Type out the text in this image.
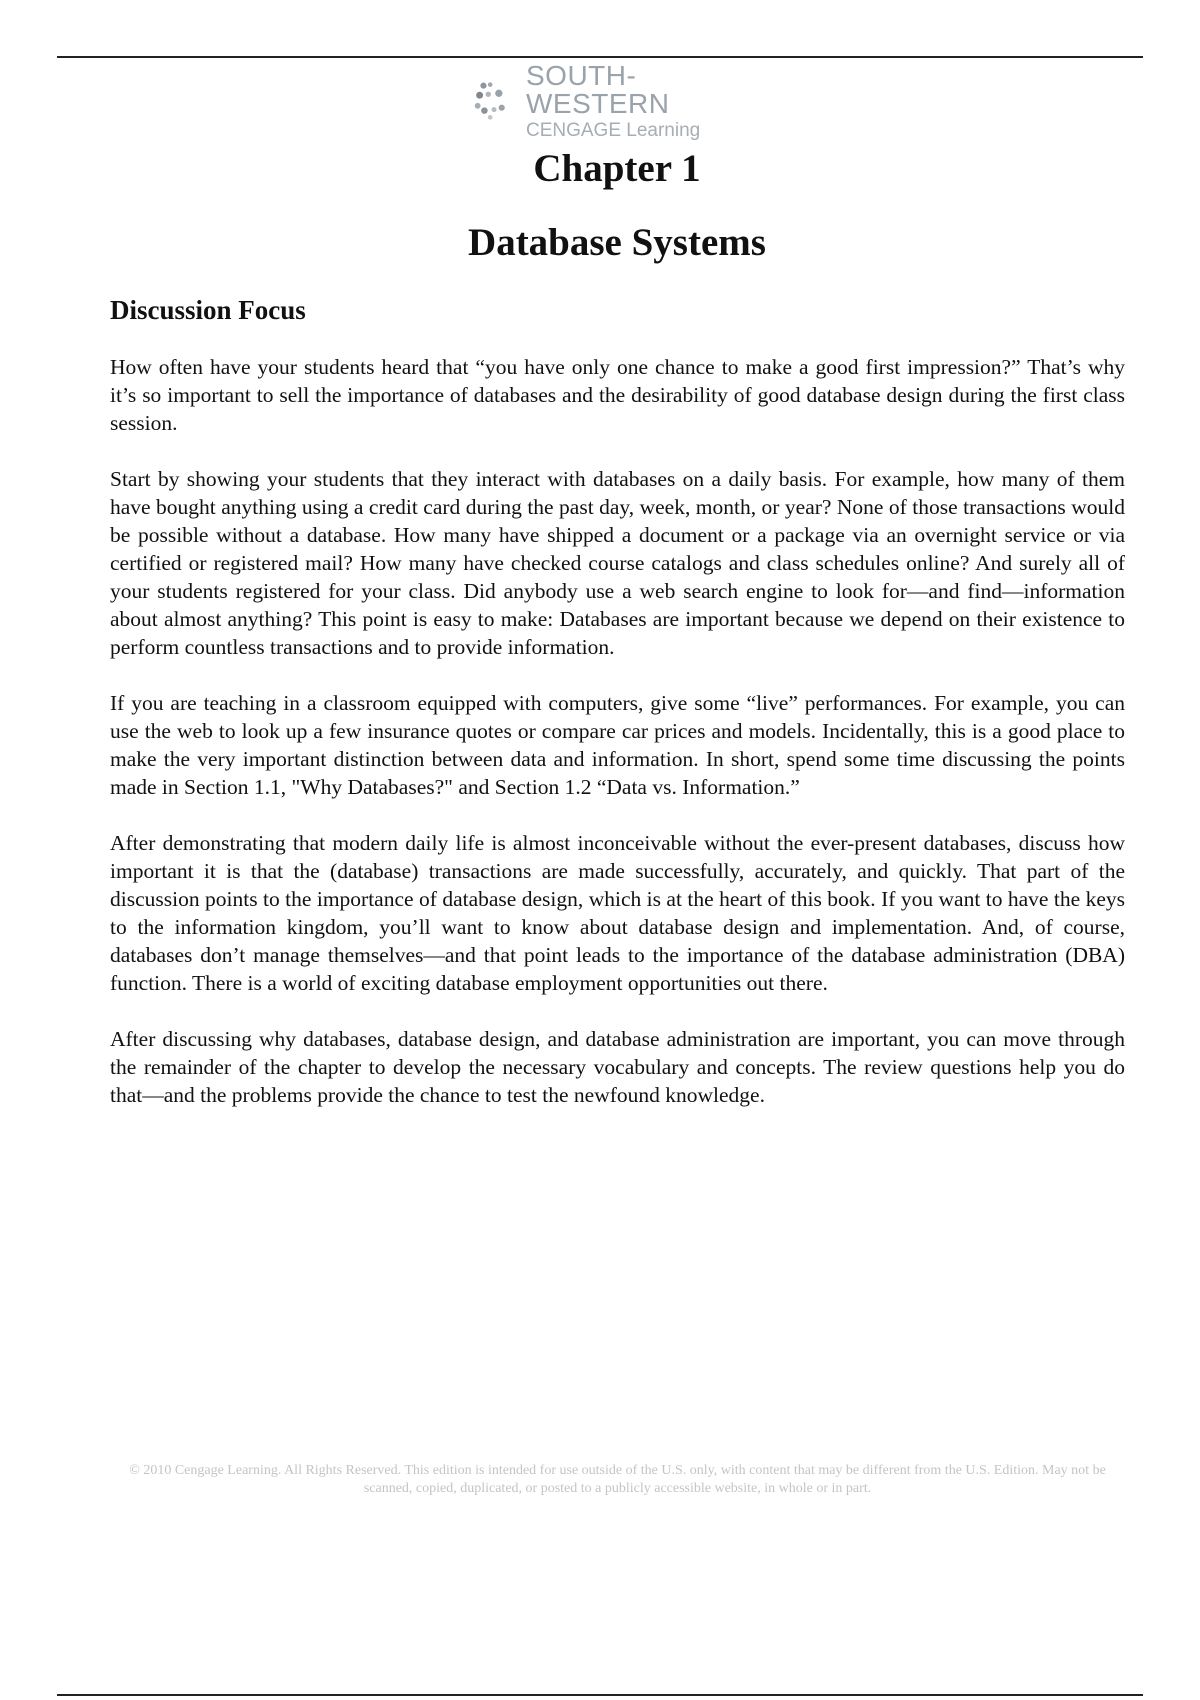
SOUTH-WESTERN
CENGAGE Learning
Chapter 1
Database Systems
Discussion Focus

How often have your students heard that “you have only one chance to make a good first impression?” That’s why it’s so important to sell the importance of databases and the desirability of good database design during the first class session.

Start by showing your students that they interact with databases on a daily basis. For example, how many of them have bought anything using a credit card during the past day, week, month, or year? None of those transactions would be possible without a database. How many have shipped a document or a package via an overnight service or via certified or registered mail? How many have checked course catalogs and class schedules online? And surely all of your students registered for your class. Did anybody use a web search engine to look for—and find—information about almost anything? This point is easy to make: Databases are important because we depend on their existence to perform countless transactions and to provide information.

If you are teaching in a classroom equipped with computers, give some “live” performances. For example, you can use the web to look up a few insurance quotes or compare car prices and models. Incidentally, this is a good place to make the very important distinction between data and information. In short, spend some time discussing the points made in Section 1.1, "Why Databases?" and Section 1.2 “Data vs. Information.”

After demonstrating that modern daily life is almost inconceivable without the ever-present databases, discuss how important it is that the (database) transactions are made successfully, accurately, and quickly. That part of the discussion points to the importance of database design, which is at the heart of this book. If you want to have the keys to the information kingdom, you’ll want to know about database design and implementation. And, of course, databases don’t manage themselves—and that point leads to the importance of the database administration (DBA) function. There is a world of exciting database employment opportunities out there.

After discussing why databases, database design, and database administration are important, you can move through the remainder of the chapter to develop the necessary vocabulary and concepts. The review questions help you do that—and the problems provide the chance to test the newfound knowledge.

© 2010 Cengage Learning. All Rights Reserved. This edition is intended for use outside of the U.S. only, with content that may be different from the U.S. Edition. May not be scanned, copied, duplicated, or posted to a publicly accessible website, in whole or in part.
